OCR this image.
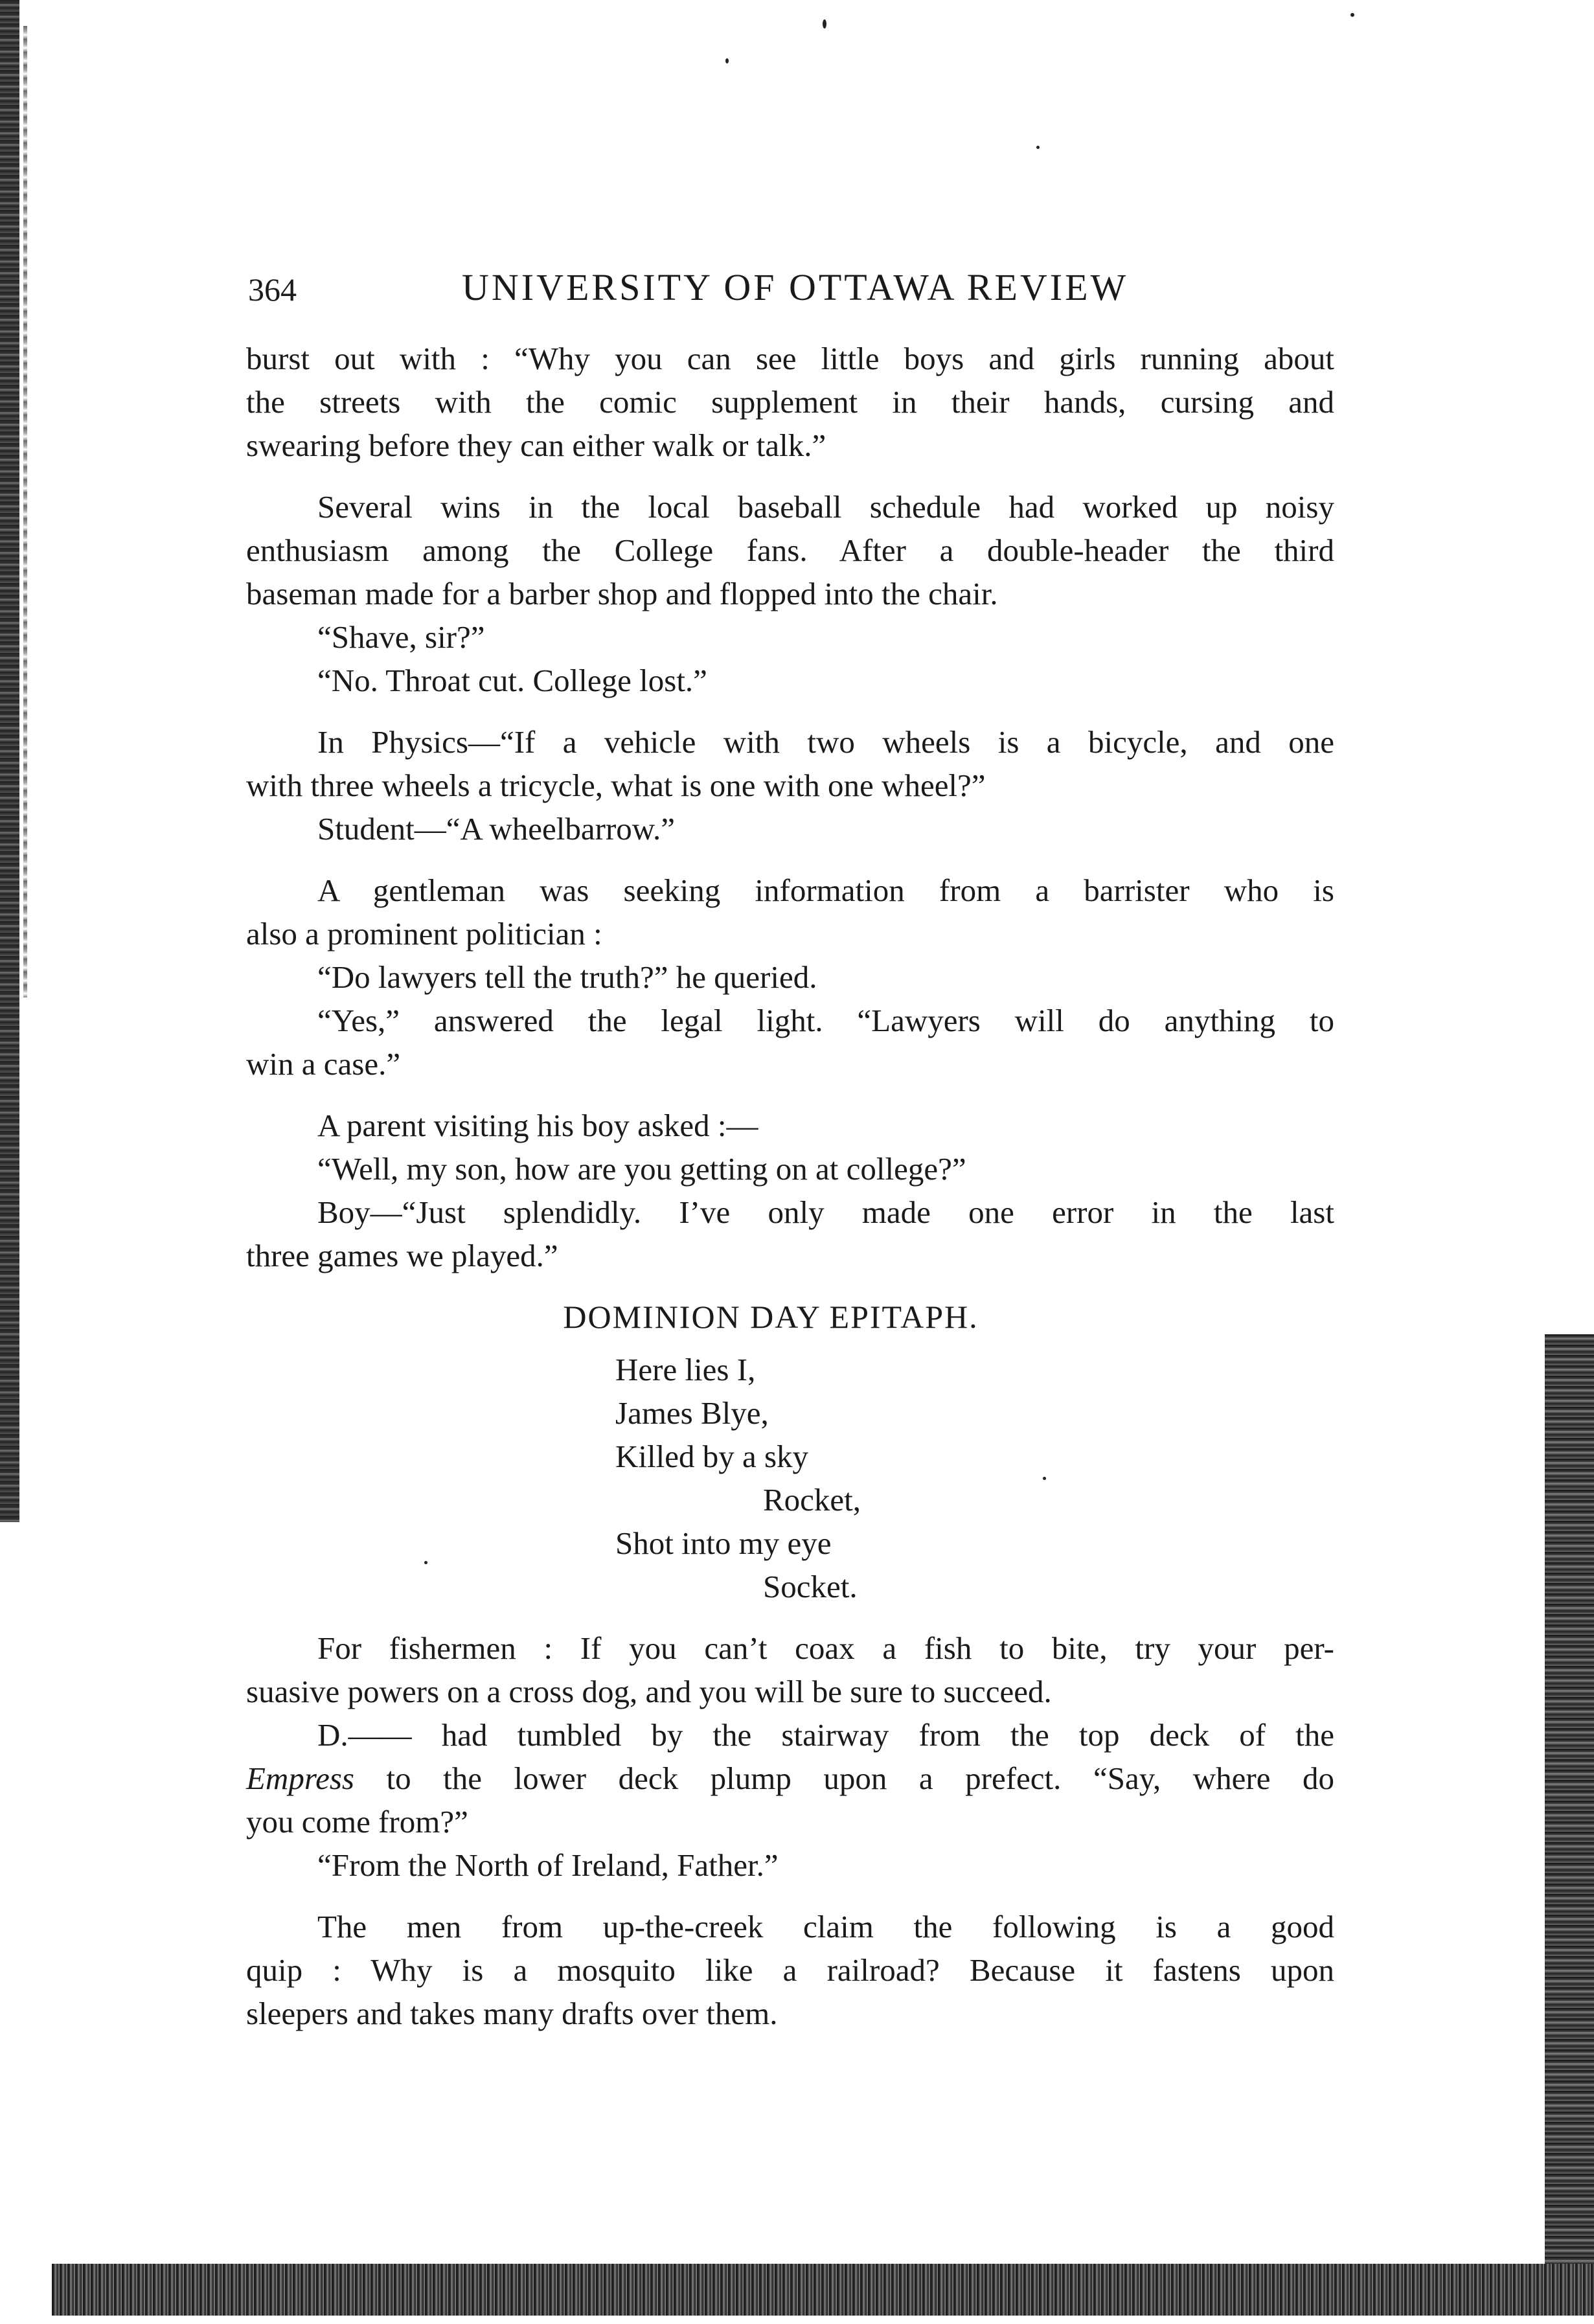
364	UNIVERSITY OF OTTAWA REVIEW
burst out with : “Why you can see little boys and girls running about
the streets with the comic supplement in their hands, cursing and
swearing before they can either walk or talk.”
Several wins in the local baseball schedule had worked up noisy
enthusiasm among the College fans. After a double-header the third
baseman made for a barber shop and flopped into the chair.
“Shave, sir?”
“No. Throat cut. College lost.”
In Physics—“If a vehicle with two wheels is a bicycle, and one
with three wheels a tricycle, what is one with one wheel?”
Student—“A wheelbarrow.”
A gentleman was seeking information from a barrister who is
also a prominent politician :
“Do lawyers tell the truth?” he queried.
“Yes,” answered the legal light. “Lawyers will do anything to
win a case.”
A parent visiting his boy asked :—
“Well, my son, how are you getting on at college?”
Boy—“Just splendidly. I’ve only made one error in the last
three games we played.”
DOMINION DAY EPITAPH.
Here lies I,
James Blye,
Killed by a sky
Rocket,
Shot into my eye
Socket.
For fishermen : If you can’t coax a fish to bite, try your per-
suasive powers on a cross dog, and you will be sure to succeed.
D.—— had tumbled by the stairway from the top deck of the
Empress to the lower deck plump upon a prefect. “Say, where do
you come from?”
“From the North of Ireland, Father.”
The men from up-the-creek claim the following is a good
quip : Why is a mosquito like a railroad? Because it fastens upon
sleepers and takes many drafts over them.
